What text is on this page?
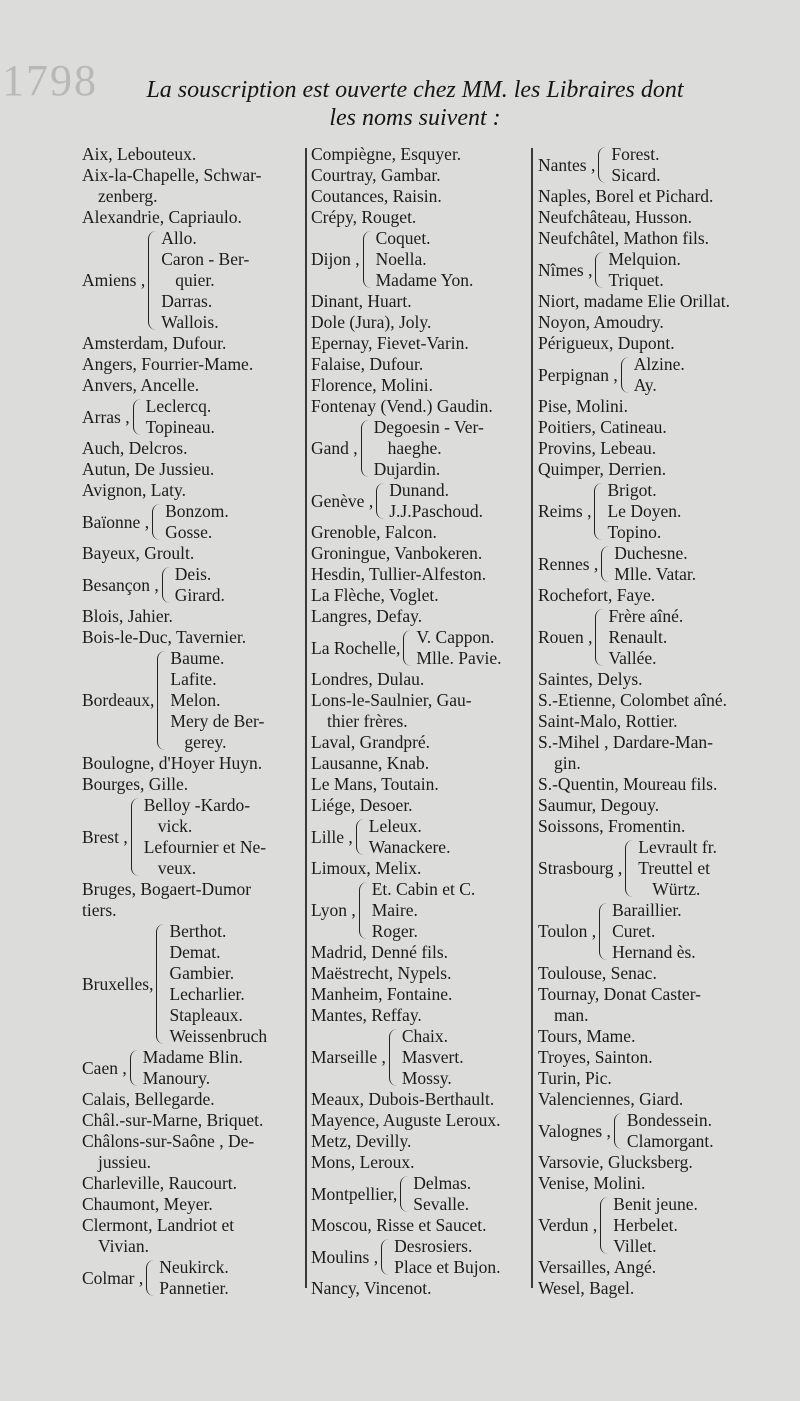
1798	La souscription est ouverte chez MM. les Libraires dont
les noms suivent :
Aix, Lebouteux.
Aix-la-Chapelle, Schwar-
zenberg.
Alexandrie, Capriaulo.
Amiens ,
Allo.
Caron - Ber-
quier.
Darras.
Wallois.
Amsterdam, Dufour.
Angers, Fourrier-Mame.
Anvers, Ancelle.
Arras ,
Leclercq.
Topineau.
Auch, Delcros.
Autun, De Jussieu.
Avignon, Laty.
Baïonne ,
Bonzom.
Gosse.
Bayeux, Groult.
Besançon ,
Deis.
Girard.
Blois, Jahier.
Bois-le-Duc, Tavernier.
Bordeaux,
Baume.
Lafite.
Melon.
Mery de Ber-
gerey.
Boulogne, d'Hoyer Huyn.
Bourges, Gille.
Brest ,
Belloy -Kardo-
vick.
Lefournier et Ne-
veux.
Bruges, Bogaert-Dumor
tiers.
Bruxelles,
Berthot.
Demat.
Gambier.
Lecharlier.
Stapleaux.
Weissenbruch
Caen ,
Madame Blin.
Manoury.
Calais, Bellegarde.
Châl.-sur-Marne, Briquet.
Châlons-sur-Saône , De-
jussieu.
Charleville, Raucourt.
Chaumont, Meyer.
Clermont, Landriot et
Vivian.
Colmar ,
Neukirck.
Pannetier.
Compiègne, Esquyer.
Courtray, Gambar.
Coutances, Raisin.
Crépy, Rouget.
Dijon ,
Coquet.
Noella.
Madame Yon.
Dinant, Huart.
Dole (Jura), Joly.
Epernay, Fievet-Varin.
Falaise, Dufour.
Florence, Molini.
Fontenay (Vend.) Gaudin.
Gand ,
Degoesin - Ver-
haeghe.
Dujardin.
Genève ,
Dunand.
J.J.Paschoud.
Grenoble, Falcon.
Groningue, Vanbokeren.
Hesdin, Tullier-Alfeston.
La Flèche, Voglet.
Langres, Defay.
La Rochelle,
V. Cappon.
Mlle. Pavie.
Londres, Dulau.
Lons-le-Saulnier, Gau-
thier frères.
Laval, Grandpré.
Lausanne, Knab.
Le Mans, Toutain.
Liége, Desoer.
Lille ,
Leleux.
Wanackere.
Limoux, Melix.
Lyon ,
Et. Cabin et C.
Maire.
Roger.
Madrid, Denné fils.
Maëstrecht, Nypels.
Manheim, Fontaine.
Mantes, Reffay.
Marseille ,
Chaix.
Masvert.
Mossy.
Meaux, Dubois-Berthault.
Mayence, Auguste Leroux.
Metz, Devilly.
Mons, Leroux.
Montpellier,
Delmas.
Sevalle.
Moscou, Risse et Saucet.
Moulins ,
Desrosiers.
Place et Bujon.
Nancy, Vincenot.
Nantes ,
Forest.
Sicard.
Naples, Borel et Pichard.
Neufchâteau, Husson.
Neufchâtel, Mathon fils.
Nîmes ,
Melquion.
Triquet.
Niort, madame Elie Orillat.
Noyon, Amoudry.
Périgueux, Dupont.
Perpignan ,
Alzine.
Ay.
Pise, Molini.
Poitiers, Catineau.
Provins, Lebeau.
Quimper, Derrien.
Reims ,
Brigot.
Le Doyen.
Topino.
Rennes ,
Duchesne.
Mlle. Vatar.
Rochefort, Faye.
Rouen ,
Frère aîné.
Renault.
Vallée.
Saintes, Delys.
S.-Etienne, Colombet aîné.
Saint-Malo, Rottier.
S.-Mihel , Dardare-Man-
gin.
S.-Quentin, Moureau fils.
Saumur, Degouy.
Soissons, Fromentin.
Strasbourg ,
Levrault fr.
Treuttel et
Würtz.
Toulon ,
Baraillier.
Curet.
Hernand ès.
Toulouse, Senac.
Tournay, Donat Caster-
man.
Tours, Mame.
Troyes, Sainton.
Turin, Pic.
Valenciennes, Giard.
Valognes ,
Bondessein.
Clamorgant.
Varsovie, Glucksberg.
Venise, Molini.
Verdun ,
Benit jeune.
Herbelet.
Villet.
Versailles, Angé.
Wesel, Bagel.
